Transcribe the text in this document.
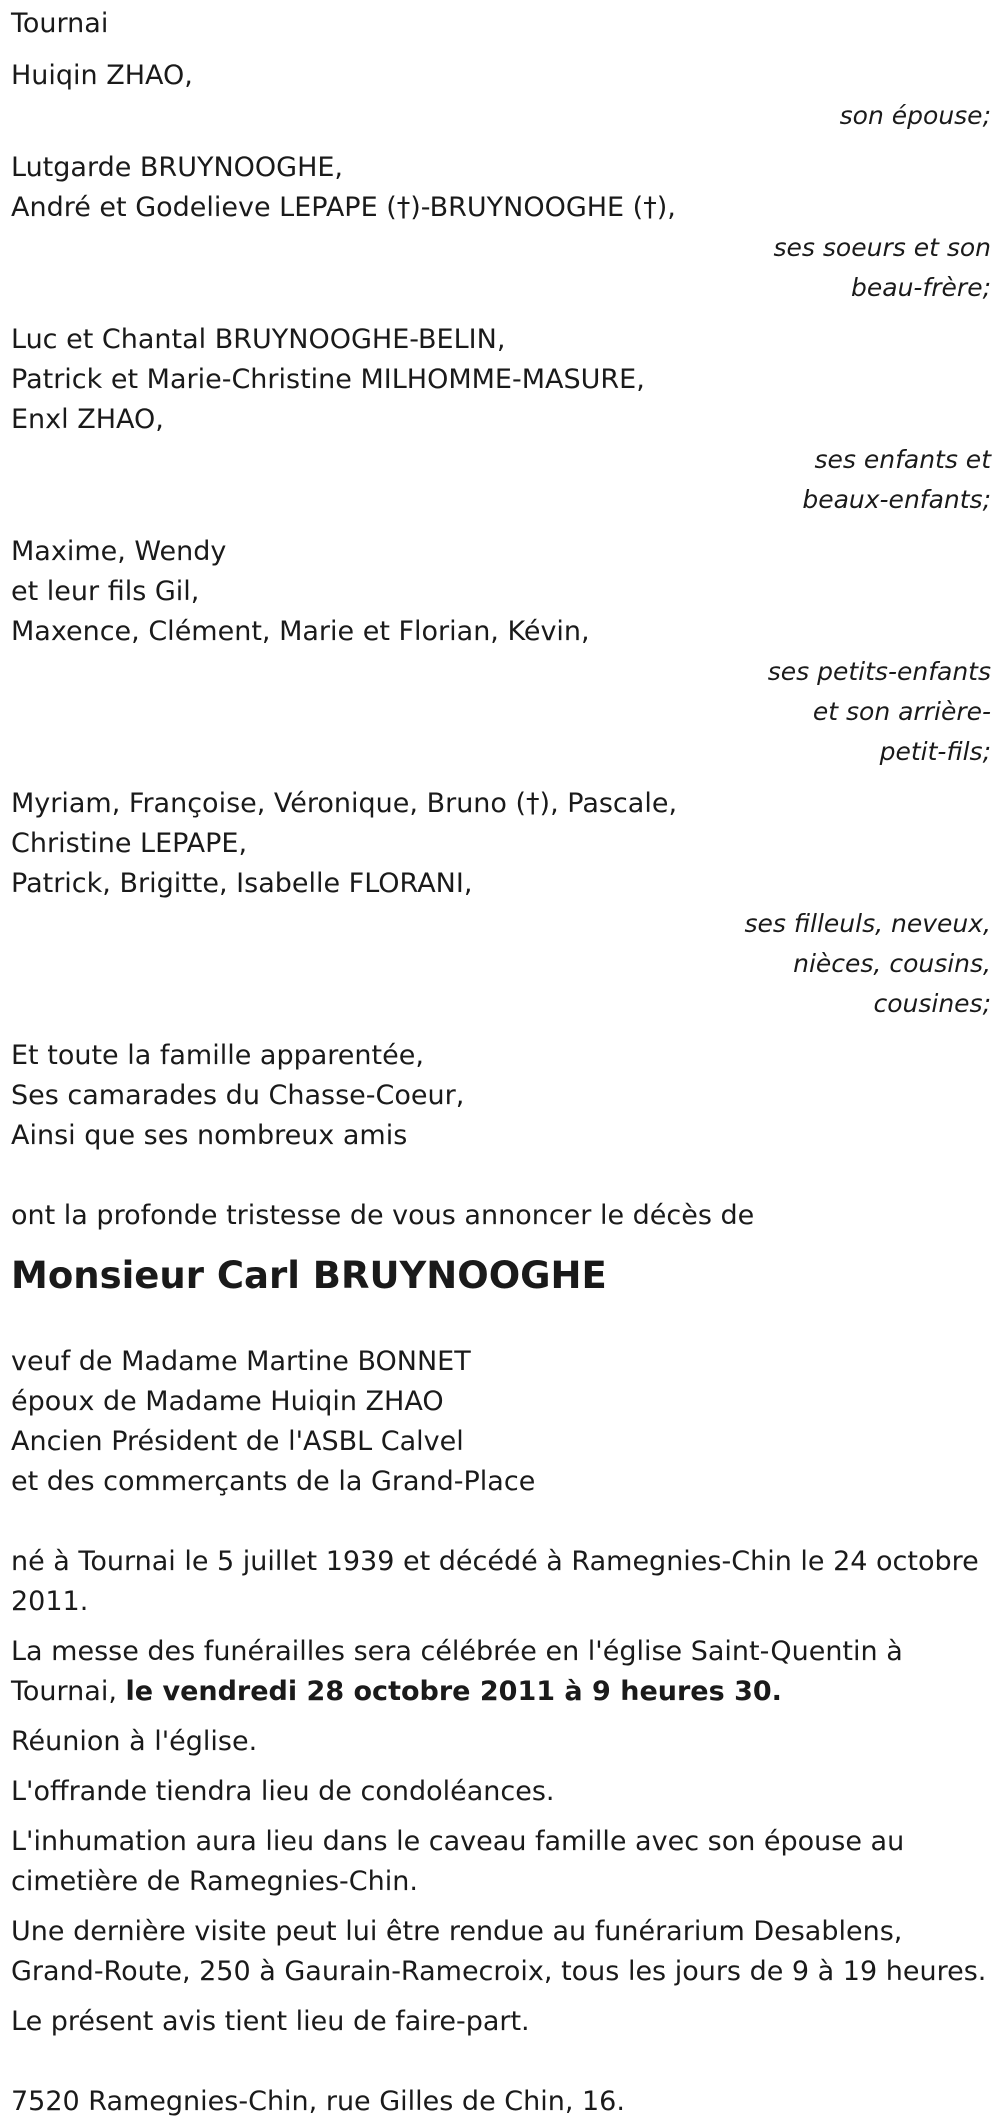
Tournai
Huiqin ZHAO,
son épouse;
Lutgarde BRUYNOOGHE,
André et Godelieve LEPAPE (†)-BRUYNOOGHE (†),
ses soeurs et son
beau-frère;
Luc et Chantal BRUYNOOGHE-BELIN,
Patrick et Marie-Christine MILHOMME-MASURE,
Enxl ZHAO,
ses enfants et
beaux-enfants;
Maxime, Wendy
et leur fils Gil,
Maxence, Clément, Marie et Florian, Kévin,
ses petits-enfants
et son arrière-
petit-fils;
Myriam, Françoise, Véronique, Bruno (†), Pascale,
Christine LEPAPE,
Patrick, Brigitte, Isabelle FLORANI,
ses filleuls, neveux,
nièces, cousins,
cousines;
Et toute la famille apparentée,
Ses camarades du Chasse-Coeur,
Ainsi que ses nombreux amis
ont la profonde tristesse de vous annoncer le décès de
Monsieur Carl BRUYNOOGHE
veuf de Madame Martine BONNET
époux de Madame Huiqin ZHAO
Ancien Président de l'ASBL Calvel
et des commerçants de la Grand-Place
né à Tournai le 5 juillet 1939 et décédé à Ramegnies-Chin le 24 octobre 2011.
La messe des funérailles sera célébrée en l'église Saint-Quentin à Tournai, le vendredi 28 octobre 2011 à 9 heures 30.
Réunion à l'église.
L'offrande tiendra lieu de condoléances.
L'inhumation aura lieu dans le caveau famille avec son épouse au cimetière de Ramegnies-Chin.
Une dernière visite peut lui être rendue au funérarium Desablens, Grand-Route, 250 à Gaurain-Ramecroix, tous les jours de 9 à 19 heures.
Le présent avis tient lieu de faire-part.
7520 Ramegnies-Chin, rue Gilles de Chin, 16.
